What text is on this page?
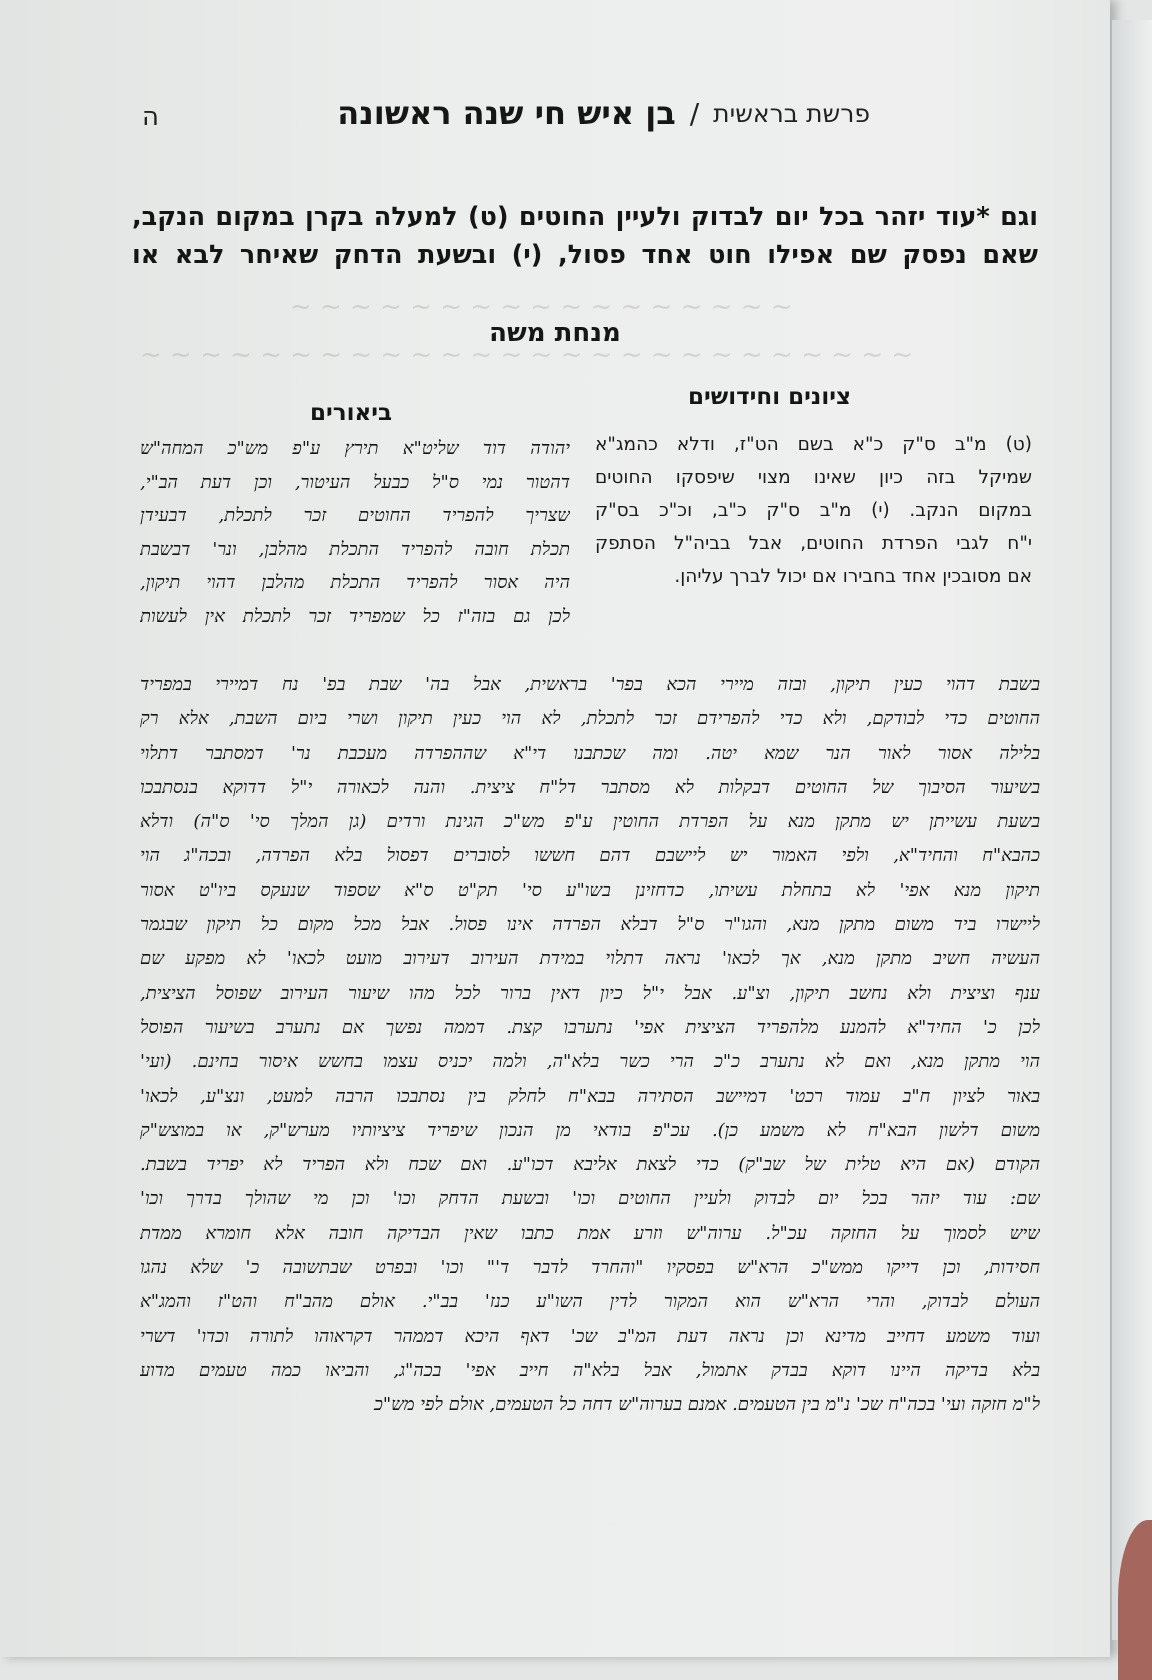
~ ~ ~ ~ ~ ~ ~ ~ ~ ~ ~ ~ ~ ~ ~ ~ ~
~ ~ ~ ~ ~ ~ ~ ~ ~ ~ ~ ~ ~ ~ ~ ~ ~ ~ ~ ~ ~ ~ ~ ~ ~ ~
פרשת בראשית
/
בן איש חי שנה ראשונה
ה
וגם *עוד יזהר בכל יום לבדוק ולעיין החוטים (ט) למעלה בקרן במקום הנקב,
שאם נפסק שם אפילו חוט אחד פסול, (י) ובשעת הדחק שאיחר לבא או
מנחת משה
ציונים וחידושים
ביאורים
(ט) מ"ב ס"ק כ"א בשם הט"ז, ודלא כהמג"א
שמיקל בזה כיון שאינו מצוי שיפסקו החוטים
במקום הנקב. (י) מ"ב ס"ק כ"ב, וכ"כ בס"ק
י"ח לגבי הפרדת החוטים, אבל בביה"ל הסתפק
אם מסובכין אחד בחבירו אם יכול לברך עליהן.
יהודה דוד שליט"א תירץ ע"פ מש"כ המחה"ש
דהטור נמי ס"ל כבעל העיטור, וכן דעת הב"י,
שצריך להפריד החוטים זכר לתכלת, דבעידן
תכלת חובה להפריד התכלת מהלבן, ונר' דבשבת
היה אסור להפריד התכלת מהלבן דהוי תיקון,
לכן גם בזה"ז כל שמפריד זכר לתכלת אין לעשות
בשבת דהוי כעין תיקון, ובזה מיירי הכא בפר' בראשית, אבל בה' שבת בפ' נח דמיירי במפריד
החוטים כדי לבודקם, ולא כדי להפרידם זכר לתכלת, לא הוי כעין תיקון ושרי ביום השבת, אלא רק
בלילה אסור לאור הנר שמא יטה. ומה שכתבנו די"א שההפרדה מעכבת נר' דמסתבר דתלוי
בשיעור הסיבוך של החוטים דבקלות לא מסתבר דל"ח ציצית. והנה לכאורה י"ל דדוקא בנסתבכו
בשעת עשייתן יש מתקן מנא על הפרדת החוטין ע"פ מש"כ הגינת ורדים (גן המלך סי' ס"ה) ודלא
כהבא"ח והחיד"א, ולפי האמור יש ליישבם דהם חששו לסוברים דפסול בלא הפרדה, ובכה"ג הוי
תיקון מנא אפי' לא בתחלת עשיתו, כדחזינן בשו"ע סי' תק"ט ס"א שספוד שנעקס ביו"ט אסור
ליישרו ביד משום מתקן מנא, והגו"ר ס"ל דבלא הפרדה אינו פסול. אבל מכל מקום כל תיקון שבגמר
העשיה חשיב מתקן מנא, אך לכאו' נראה דתלוי במידת העירוב דעירוב מועט לכאו' לא מפקע שם
ענף וציצית ולא נחשב תיקון, וצ"ע. אבל י"ל כיון דאין ברור לכל מהו שיעור העירוב שפוסל הציצית,
לכן כ' החיד"א להמנע מלהפריד הציצית אפי' נתערבו קצת. דממה נפשך אם נתערב בשיעור הפוסל
הוי מתקן מנא, ואם לא נתערב כ"כ הרי כשר בלא"ה, ולמה יכניס עצמו בחשש איסור בחינם. (ועי'
באור לציון ח"ב עמוד רכט' דמיישב הסתירה בבא"ח לחלק בין נסתבכו הרבה למעט, ונצ"ע, לכאו'
משום דלשון הבא"ח לא משמע כן). עכ"פ בודאי מן הנכון שיפריד ציציותיו מערש"ק, או במוצש"ק
הקודם (אם היא טלית של שב"ק) כדי לצאת אליבא דכו"ע. ואם שכח ולא הפריד לא יפריד בשבת.
שם: עוד יזהר בכל יום לבדוק ולעיין החוטים וכו' ובשעת הדחק וכו' וכן מי שהולך בדרך וכו'
שיש לסמוך על החזקה עכ"ל. ערוה"ש וזרע אמת כתבו שאין הבדיקה חובה אלא חומרא ממדת
חסידות, וכן דייקו ממש"כ הרא"ש בפסקיו "והחרד לדבר ד'" וכו' ובפרט שבתשובה כ' שלא נהגו
העולם לבדוק, והרי הרא"ש הוא המקור לדין השו"ע כנז' בב"י. אולם מהב"ח והט"ז והמג"א
ועוד משמע דחייב מדינא וכן נראה דעת המ"ב שכ' דאף היכא דממהר דקראוהו לתורה וכדו' דשרי
בלא בדיקה היינו דוקא בבדק אתמול, אבל בלא"ה חייב אפי' בכה"ג, והביאו כמה טעמים מדוע
ל"מ חזקה ועי' בכה"ח שכ' נ"מ בין הטעמים. אמנם בערוה"ש דחה כל הטעמים, אולם לפי מש"כ
